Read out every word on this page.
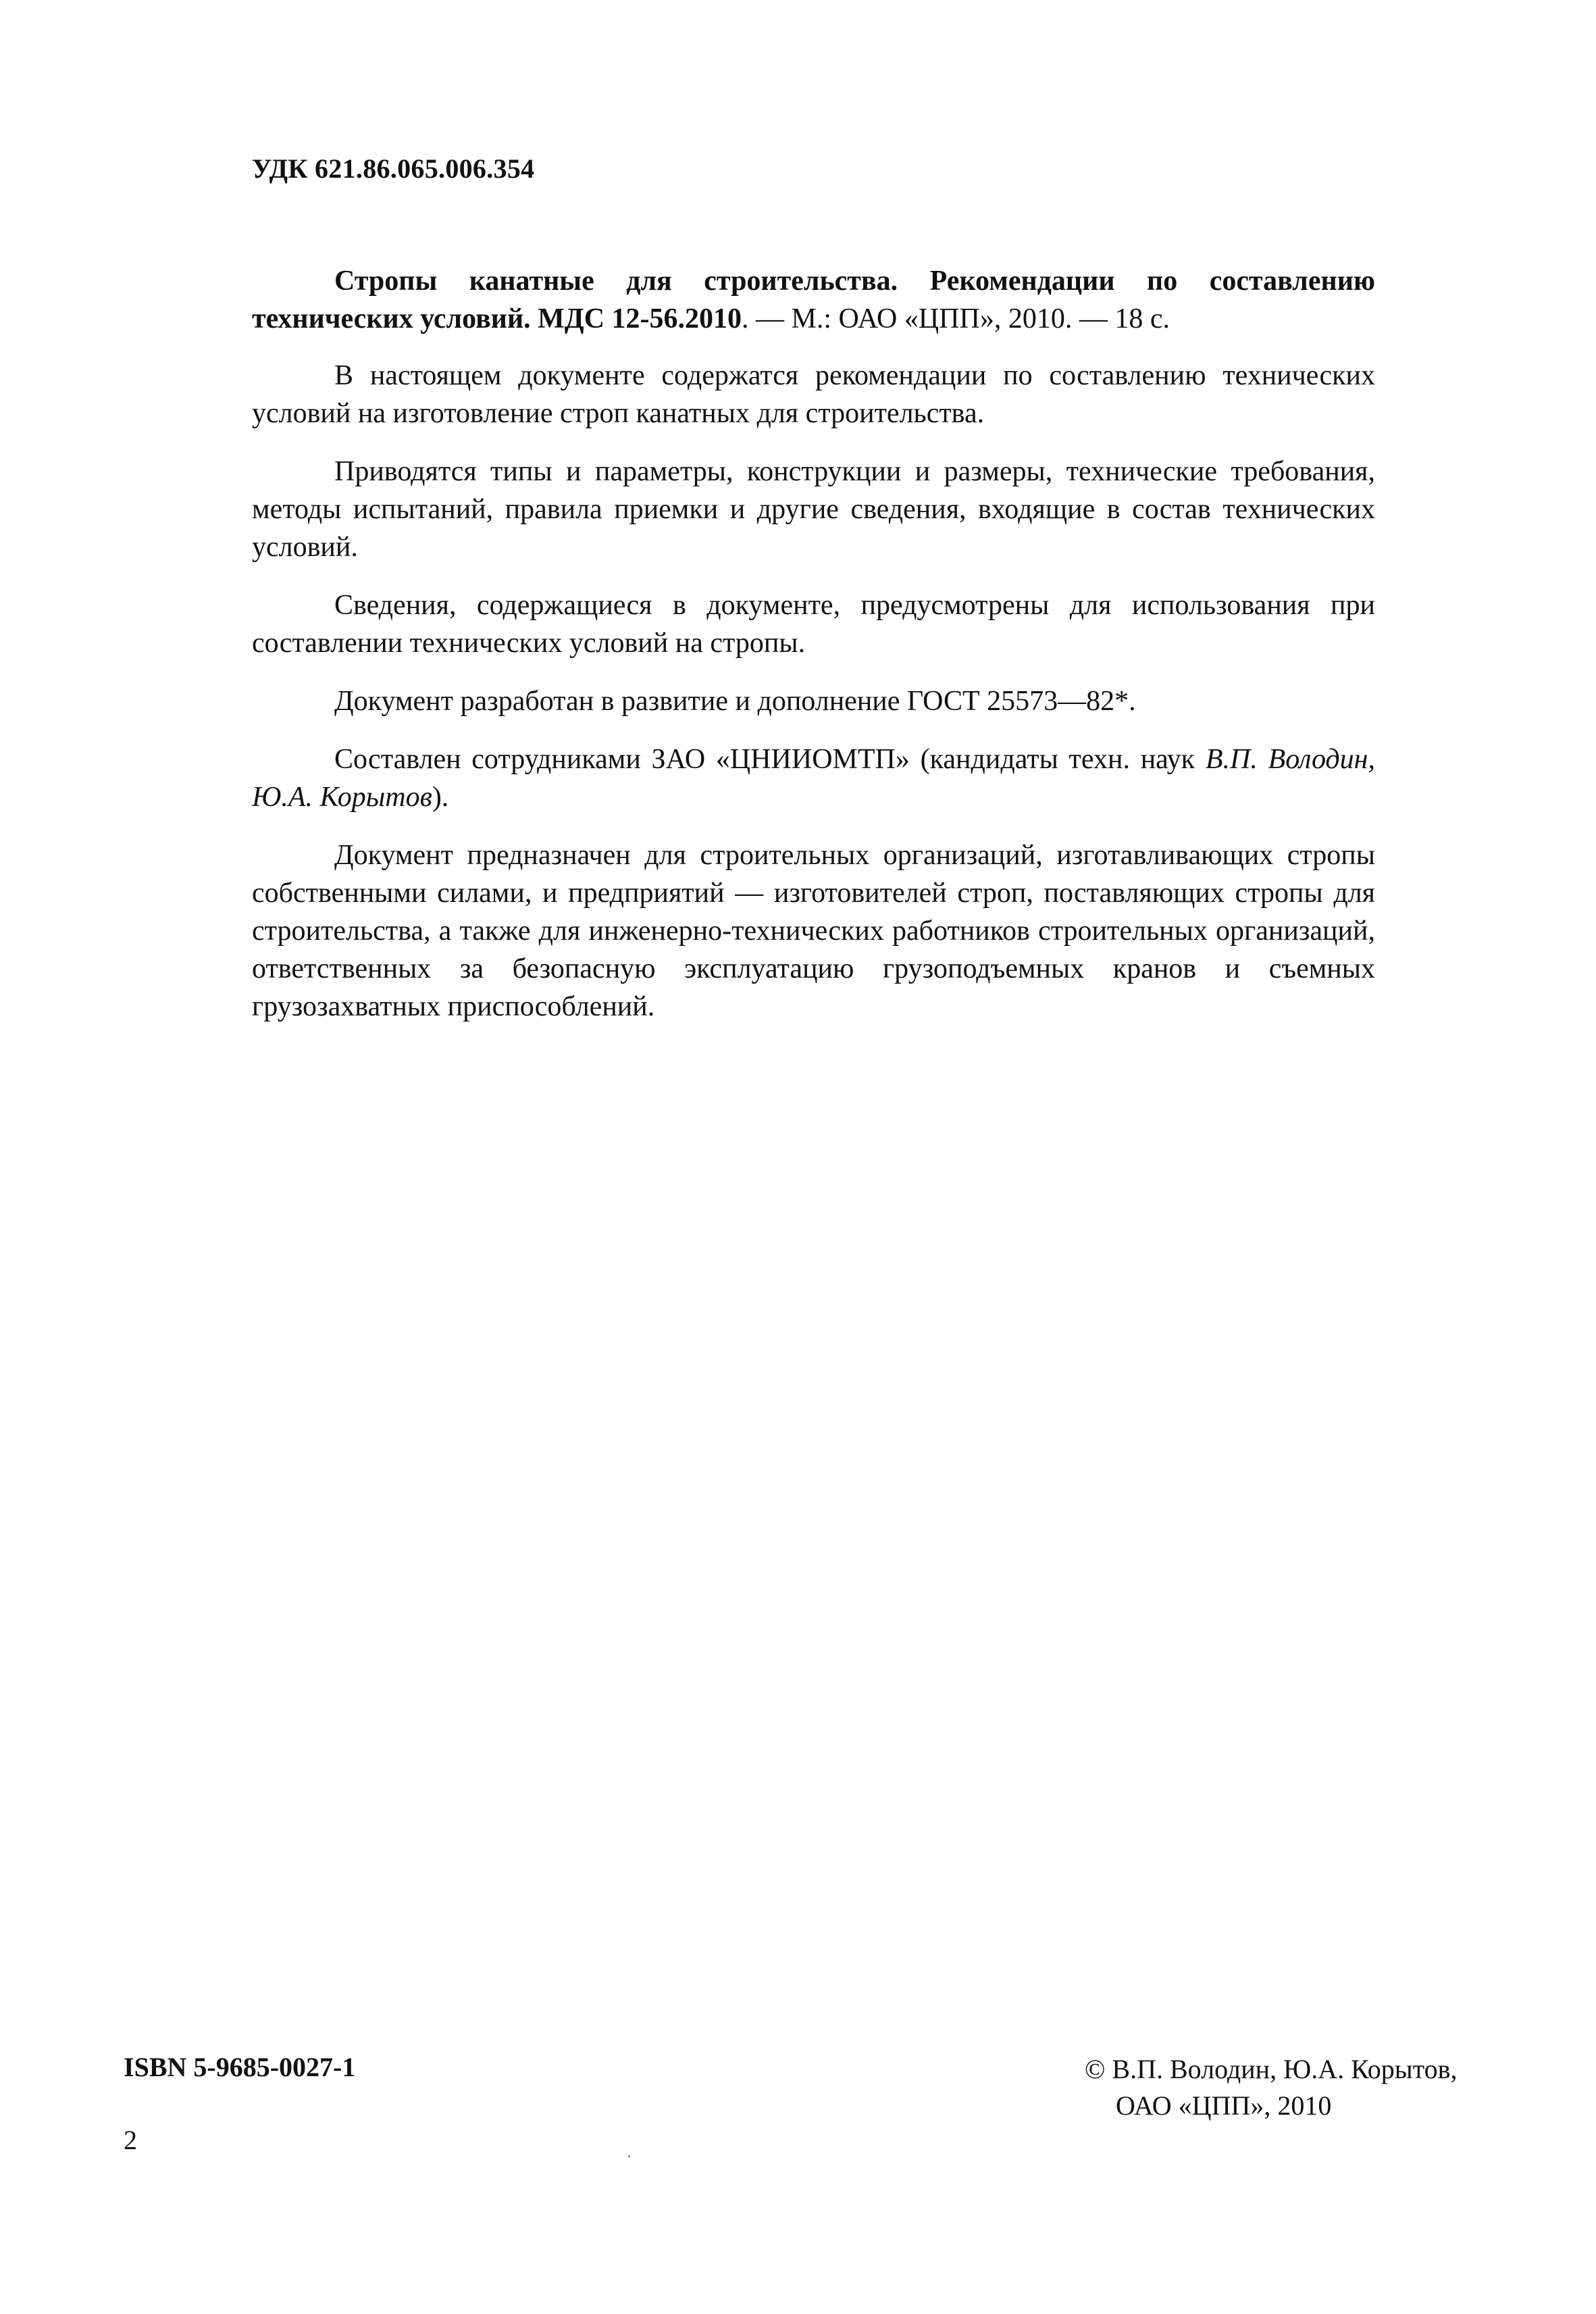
УДК 621.86.065.006.354

Стропы канатные для строительства. Рекомендации по составлению технических условий. МДС 12-56.2010. — М.: ОАО «ЦПП», 2010. — 18 с.

В настоящем документе содержатся рекомендации по составлению технических условий на изготовление строп канатных для строительства.

Приводятся типы и параметры, конструкции и размеры, технические требования, методы испытаний, правила приемки и другие сведения, входящие в состав технических условий.

Сведения, содержащиеся в документе, предусмотрены для использования при составлении технических условий на стропы.

Документ разработан в развитие и дополнение ГОСТ 25573—82*.

Составлен сотрудниками ЗАО «ЦНИИОМТП» (кандидаты техн. наук В.П. Володин, Ю.А. Корытов).

Документ предназначен для строительных организаций, изготавливающих стропы собственными силами, и предприятий — изготовителей строп, поставляющих стропы для строительства, а также для инженерно-технических работников строительных организаций, ответственных за безопасную эксплуатацию грузоподъемных кранов и съемных грузозахватных приспособлений.

ISBN 5-9685-0027-1	© В.П. Володин, Ю.А. Корытов,
ОАО «ЦПП», 2010
2
